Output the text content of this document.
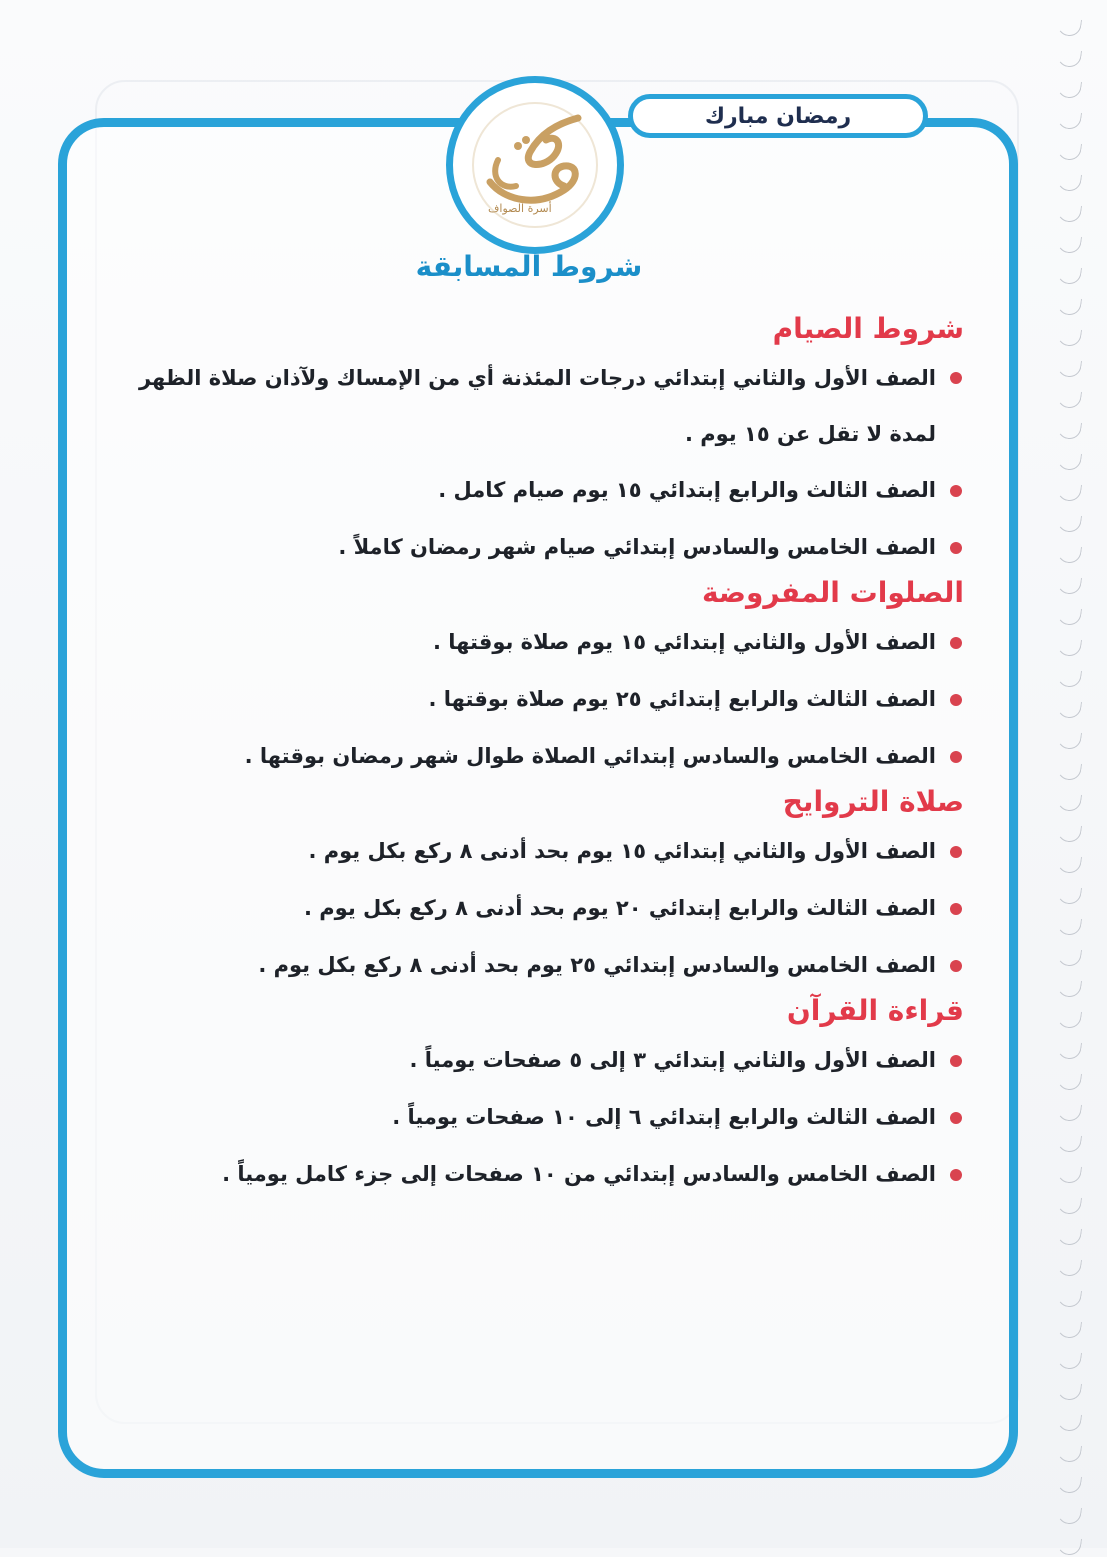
رمضان مبارك
أسرة الصواف
شروط المسابقة

شروط الصيام

الصف الأول والثاني إبتدائي درجات المئذنة أي من الإمساك ولآذان صلاة الظهر لمدة لا تقل عن ١٥ يوم .

الصف الثالث والرابع إبتدائي ١٥ يوم صيام كامل .

الصف الخامس والسادس إبتدائي صيام شهر رمضان كاملاً .

الصلوات المفروضة

الصف الأول والثاني إبتدائي ١٥ يوم صلاة بوقتها .

الصف الثالث والرابع إبتدائي ٢٥ يوم صلاة بوقتها .

الصف الخامس والسادس إبتدائي الصلاة طوال شهر رمضان بوقتها .

صلاة التروايح

الصف الأول والثاني إبتدائي ١٥ يوم بحد أدنى ٨ ركع بكل يوم .

الصف الثالث والرابع إبتدائي ٢٠ يوم بحد أدنى ٨ ركع بكل يوم .

الصف الخامس والسادس إبتدائي ٢٥ يوم بحد أدنى ٨ ركع بكل يوم .

قراءة القرآن

الصف الأول والثاني إبتدائي ٣ إلى ٥ صفحات يومياً .

الصف الثالث والرابع إبتدائي ٦ إلى ١٠ صفحات يومياً .

الصف الخامس والسادس إبتدائي من ١٠ صفحات إلى جزء كامل يومياً .
